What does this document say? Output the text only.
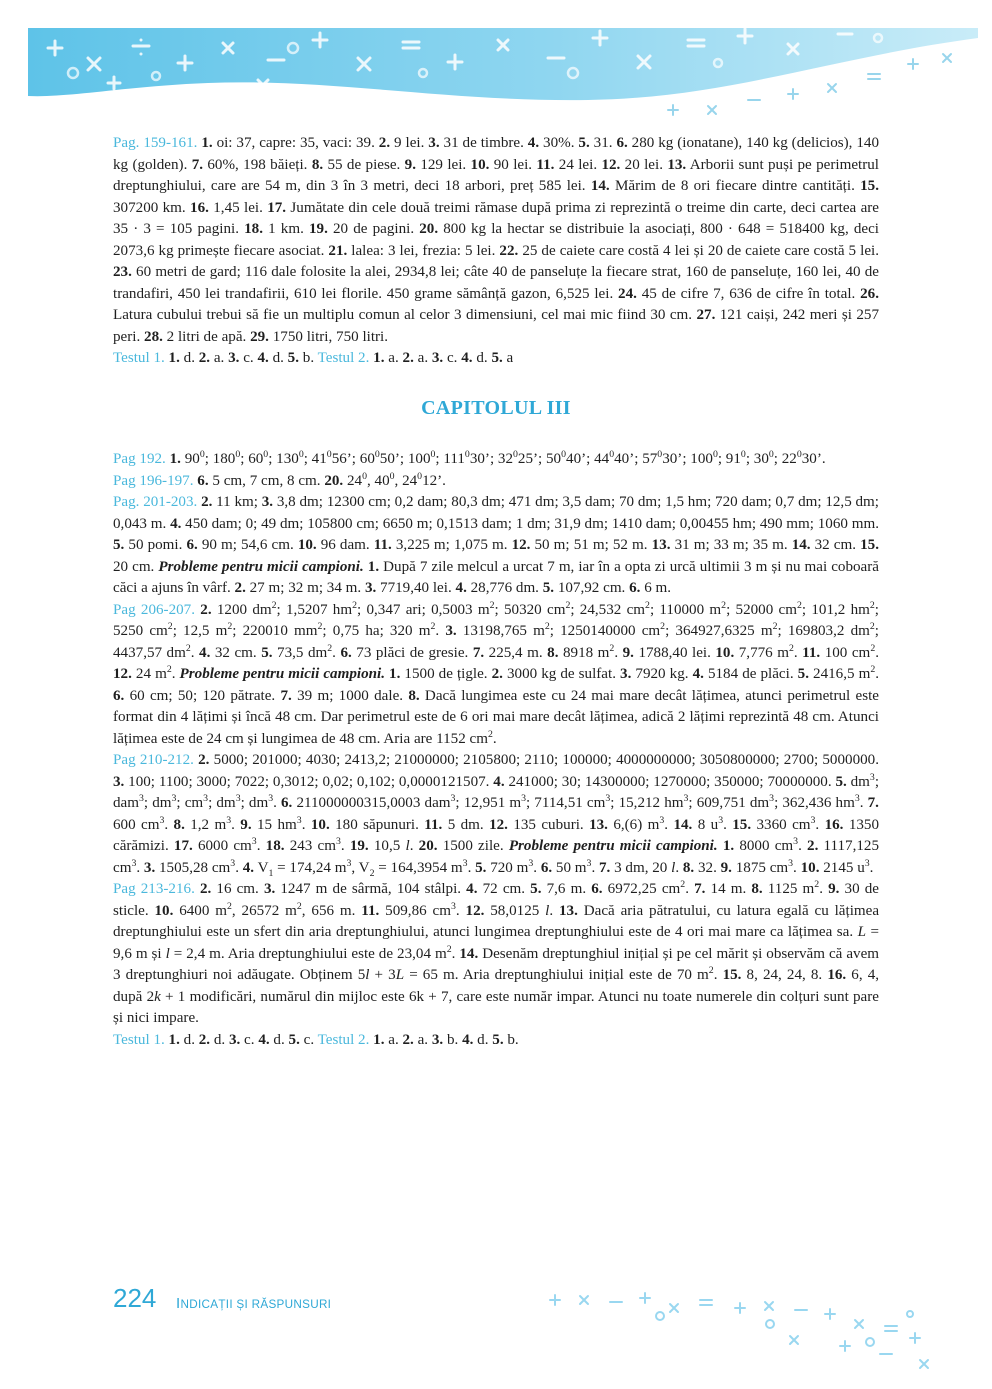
Pag. 159-161. 1. oi: 37, capre: 35, vaci: 39. 2. 9 lei. 3. 31 de timbre. 4. 30%. 5. 31. 6. 280 kg (ionatane), 140 kg (delicios), 140 kg (golden). 7. 60%, 198 băieți. 8. 55 de piese. 9. 129 lei. 10. 90 lei. 11. 24 lei. 12. 20 lei. 13. Arborii sunt puși pe perimetrul dreptunghiului, care are 54 m, din 3 în 3 metri, deci 18 arbori, preț 585 lei. 14. Mărim de 8 ori fiecare dintre cantități. 15. 307200 km. 16. 1,45 lei. 17. Jumătate din cele două treimi rămase după prima zi reprezintă o treime din carte, deci cartea are 35 · 3 = 105 pagini. 18. 1 km. 19. 20 de pagini. 20. 800 kg la hectar se distribuie la asociați, 800 · 648 = 518400 kg, deci 2073,6 kg primește fiecare asociat. 21. lalea: 3 lei, frezia: 5 lei. 22. 25 de caiete care costă 4 lei și 20 de caiete care costă 5 lei. 23. 60 metri de gard; 116 dale folosite la alei, 2934,8 lei; câte 40 de panseluțe la fiecare strat, 160 de panseluțe, 160 lei, 40 de trandafiri, 450 lei trandafirii, 610 lei florile. 450 grame sămânță gazon, 6,525 lei. 24. 45 de cifre 7, 636 de cifre în total. 26. Latura cubului trebui să fie un multiplu comun al celor 3 dimensiuni, cel mai mic fiind 30 cm. 27. 121 caiși, 242 meri și 257 peri. 28. 2 litri de apă. 29. 1750 litri, 750 litri.

Testul 1. 1. d. 2. a. 3. c. 4. d. 5. b. Testul 2. 1. a. 2. a. 3. c. 4. d. 5. a

CAPITOLUL III

Pag 192. 1. $90^0$; $180^0$; $60^0$; $130^0$; $41^056$’; $60^050$’; $100^0$; $111^030$’; $32^025$’; $50^040$’; $44^040$’; $57^030$’; $100^0$; $91^0$; $30^0$; $22^030$’.

Pag 196-197. 6. 5 cm, 7 cm, 8 cm. 20. $24^0$, $40^0$, $24^012$’.

Pag. 201-203. 2. 11 km; 3. 3,8 dm; 12300 cm; 0,2 dam; 80,3 dm; 471 dm; 3,5 dam; 70 dm; 1,5 hm; 720 dam; 0,7 dm; 12,5 dm; 0,043 m. 4. 450 dam; 0; 49 dm; 105800 cm; 6650 m; 0,1513 dam; 1 dm; 31,9 dm; 1410 dam; 0,00455 hm; 490 mm; 1060 mm. 5. 50 pomi. 6. 90 m; 54,6 cm. 10. 96 dam. 11. 3,225 m; 1,075 m. 12. 50 m; 51 m; 52 m. 13. 31 m; 33 m; 35 m. 14. 32 cm. 15. 20 cm. Probleme pentru micii campioni. 1. După 7 zile melcul a urcat 7 m, iar în a opta zi urcă ultimii 3 m și nu mai coboară căci a ajuns în vârf. 2. 27 m; 32 m; 34 m. 3. 7719,40 lei. 4. 28,776 dm. 5. 107,92 cm. 6. 6 m.

Pag 206-207. 2. 1200 $dm^2$; 1,5207 $hm^2$; 0,347 ari; 0,5003 $m^2$; 50320 $cm^2$; 24,532 $cm^2$; 110000 $m^2$; 52000 $cm^2$; 101,2 $hm^2$; 5250 $cm^2$; 12,5 $m^2$; 220010 $mm^2$; 0,75 ha; 320 $m^2$. 3. 13198,765 $m^2$; 1250140000 $cm^2$; 364927,6325 $m^2$; 169803,2 $dm^2$; 4437,57 $dm^2$. 4. 32 cm. 5. 73,5 $dm^2$. 6. 73 plăci de gresie. 7. 225,4 m. 8. 8918 $m^2$. 9. 1788,40 lei. 10. 7,776 $m^2$. 11. 100 $cm^2$. 12. 24 $m^2$. Probleme pentru micii campioni. 1. 1500 de țigle. 2. 3000 kg de sulfat. 3. 7920 kg. 4. 5184 de plăci. 5. 2416,5 $m^2$. 6. 60 cm; 50; 120 pătrate. 7. 39 m; 1000 dale. 8. Dacă lungimea este cu 24 mai mare decât lățimea, atunci perimetrul este format din 4 lățimi și încă 48 cm. Dar perimetrul este de 6 ori mai mare decât lățimea, adică 2 lățimi reprezintă 48 cm. Atunci lățimea este de 24 cm și lungimea de 48 cm. Aria are 1152 $cm^2$.

Pag 210-212. 2. 5000; 201000; 4030; 2413,2; 21000000; 2105800; 2110; 100000; 4000000000; 3050800000; 2700; 5000000. 3. 100; 1100; 3000; 7022; 0,3012; 0,02; 0,102; 0,0000121507. 4. 241000; 30; 14300000; 1270000; 350000; 70000000. 5. $dm^3$; dam$^3$; $dm^3$; $cm^3$; $dm^3$; $dm^3$. 6. 211000000315,0003 dam$^3$; 12,951 $m^3$; 7114,51 $cm^3$; 15,212 $hm^3$; 609,751 $dm^3$; 362,436 $hm^3$. 7. 600 $cm^3$. 8. 1,2 $m^3$. 9. 15 $hm^3$. 10. 180 săpunuri. 11. 5 dm. 12. 135 cuburi. 13. 6,(6) $m^3$. 14. 8 $u^3$. 15. 3360 $cm^3$. 16. 1350 cărămizi. 17. 6000 $cm^3$. 18. 243 $cm^3$. 19. 10,5 l. 20. 1500 zile. Probleme pentru micii campioni. 1. 8000 $cm^3$. 2. 1117,125 $cm^3$. 3. 1505,28 $cm^3$. 4. $V_1 = 174,24$ $m^3$, $V_2 = 164,3954$ $m^3$. 5. 720 $m^3$. 6. 50 $m^3$. 7. 3 dm, 20 l. 8. 32. 9. 1875 $cm^3$. 10. 2145 $u^3$.

Pag 213-216. 2. 16 cm. 3. 1247 m de sârmă, 104 stâlpi. 4. 72 cm. 5. 7,6 m. 6. 6972,25 $cm^2$. 7. 14 m. 8. 1125 $m^2$. 9. 30 de sticle. 10. 6400 $m^2$, 26572 $m^2$, 656 m. 11. 509,86 $cm^3$. 12. 58,0125 l. 13. Dacă aria pătratului, cu latura egală cu lățimea dreptunghiului este un sfert din aria dreptunghiului, atunci lungimea dreptunghiului este de 4 ori mai mare ca lățimea sa. L = 9,6 m și l = 2,4 m. Aria dreptunghiului este de 23,04 $m^2$. 14. Desenăm dreptunghiul inițial și pe cel mărit și observăm că avem 3 dreptunghiuri noi adăugate. Obținem 5l + 3L = 65 m. Aria dreptunghiului inițial este de 70 $m^2$. 15. 8, 24, 24, 8. 16. 6, 4, după 2k + 1 modificări, numărul din mijloc este 6k + 7, care este număr impar. Atunci nu toate numerele din colțuri sunt pare și nici impare.

Testul 1. 1. d. 2. d. 3. c. 4. d. 5. c. Testul 2. 1. a. 2. a. 3. b. 4. d. 5. b.

224 INDICAȚII ȘI RĂSPUNSURI
